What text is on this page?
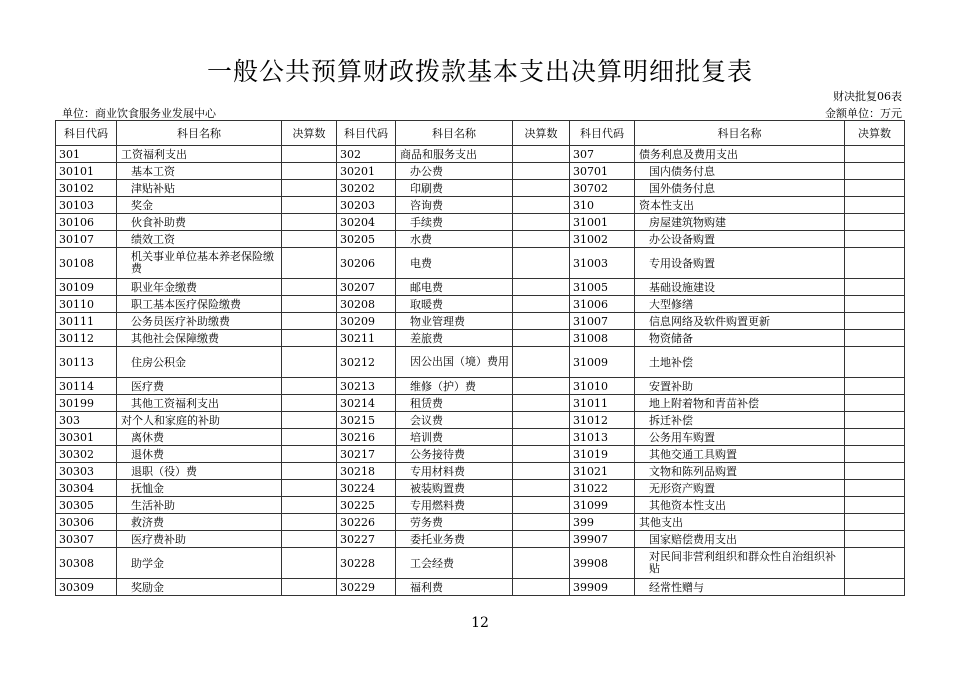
一般公共预算财政拨款基本支出决算明细批复表
财决批复06表
单位：商业饮食服务业发展中心	金额单位：万元
科目代码	科目名称	决算数	科目代码	科目名称	决算数	科目代码	科目名称	决算数
301	工资福利支出		302	商品和服务支出		307	债务利息及费用支出	
30101	基本工资		30201	办公费		30701	国内债务付息	
30102	津贴补贴		30202	印刷费		30702	国外债务付息	
30103	奖金		30203	咨询费		310	资本性支出	
30106	伙食补助费		30204	手续费		31001	房屋建筑物购建	
30107	绩效工资		30205	水费		31002	办公设备购置	
30108	机关事业单位基本养老保险缴费		30206	电费		31003	专用设备购置	
30109	职业年金缴费		30207	邮电费		31005	基础设施建设	
30110	职工基本医疗保险缴费		30208	取暖费		31006	大型修缮	
30111	公务员医疗补助缴费		30209	物业管理费		31007	信息网络及软件购置更新	
30112	其他社会保障缴费		30211	差旅费		31008	物资储备	
30113	住房公积金		30212	因公出国（境）费用		31009	土地补偿	
30114	医疗费		30213	维修（护）费		31010	安置补助	
30199	其他工资福利支出		30214	租赁费		31011	地上附着物和青苗补偿	
303	对个人和家庭的补助		30215	会议费		31012	拆迁补偿	
30301	离休费		30216	培训费		31013	公务用车购置	
30302	退休费		30217	公务接待费		31019	其他交通工具购置	
30303	退职（役）费		30218	专用材料费		31021	文物和陈列品购置	
30304	抚恤金		30224	被装购置费		31022	无形资产购置	
30305	生活补助		30225	专用燃料费		31099	其他资本性支出	
30306	救济费		30226	劳务费		399	其他支出	
30307	医疗费补助		30227	委托业务费		39907	国家赔偿费用支出	
30308	助学金		30228	工会经费		39908	对民间非营利组织和群众性自治组织补贴	
30309	奖励金		30229	福利费		39909	经常性赠与	
12
